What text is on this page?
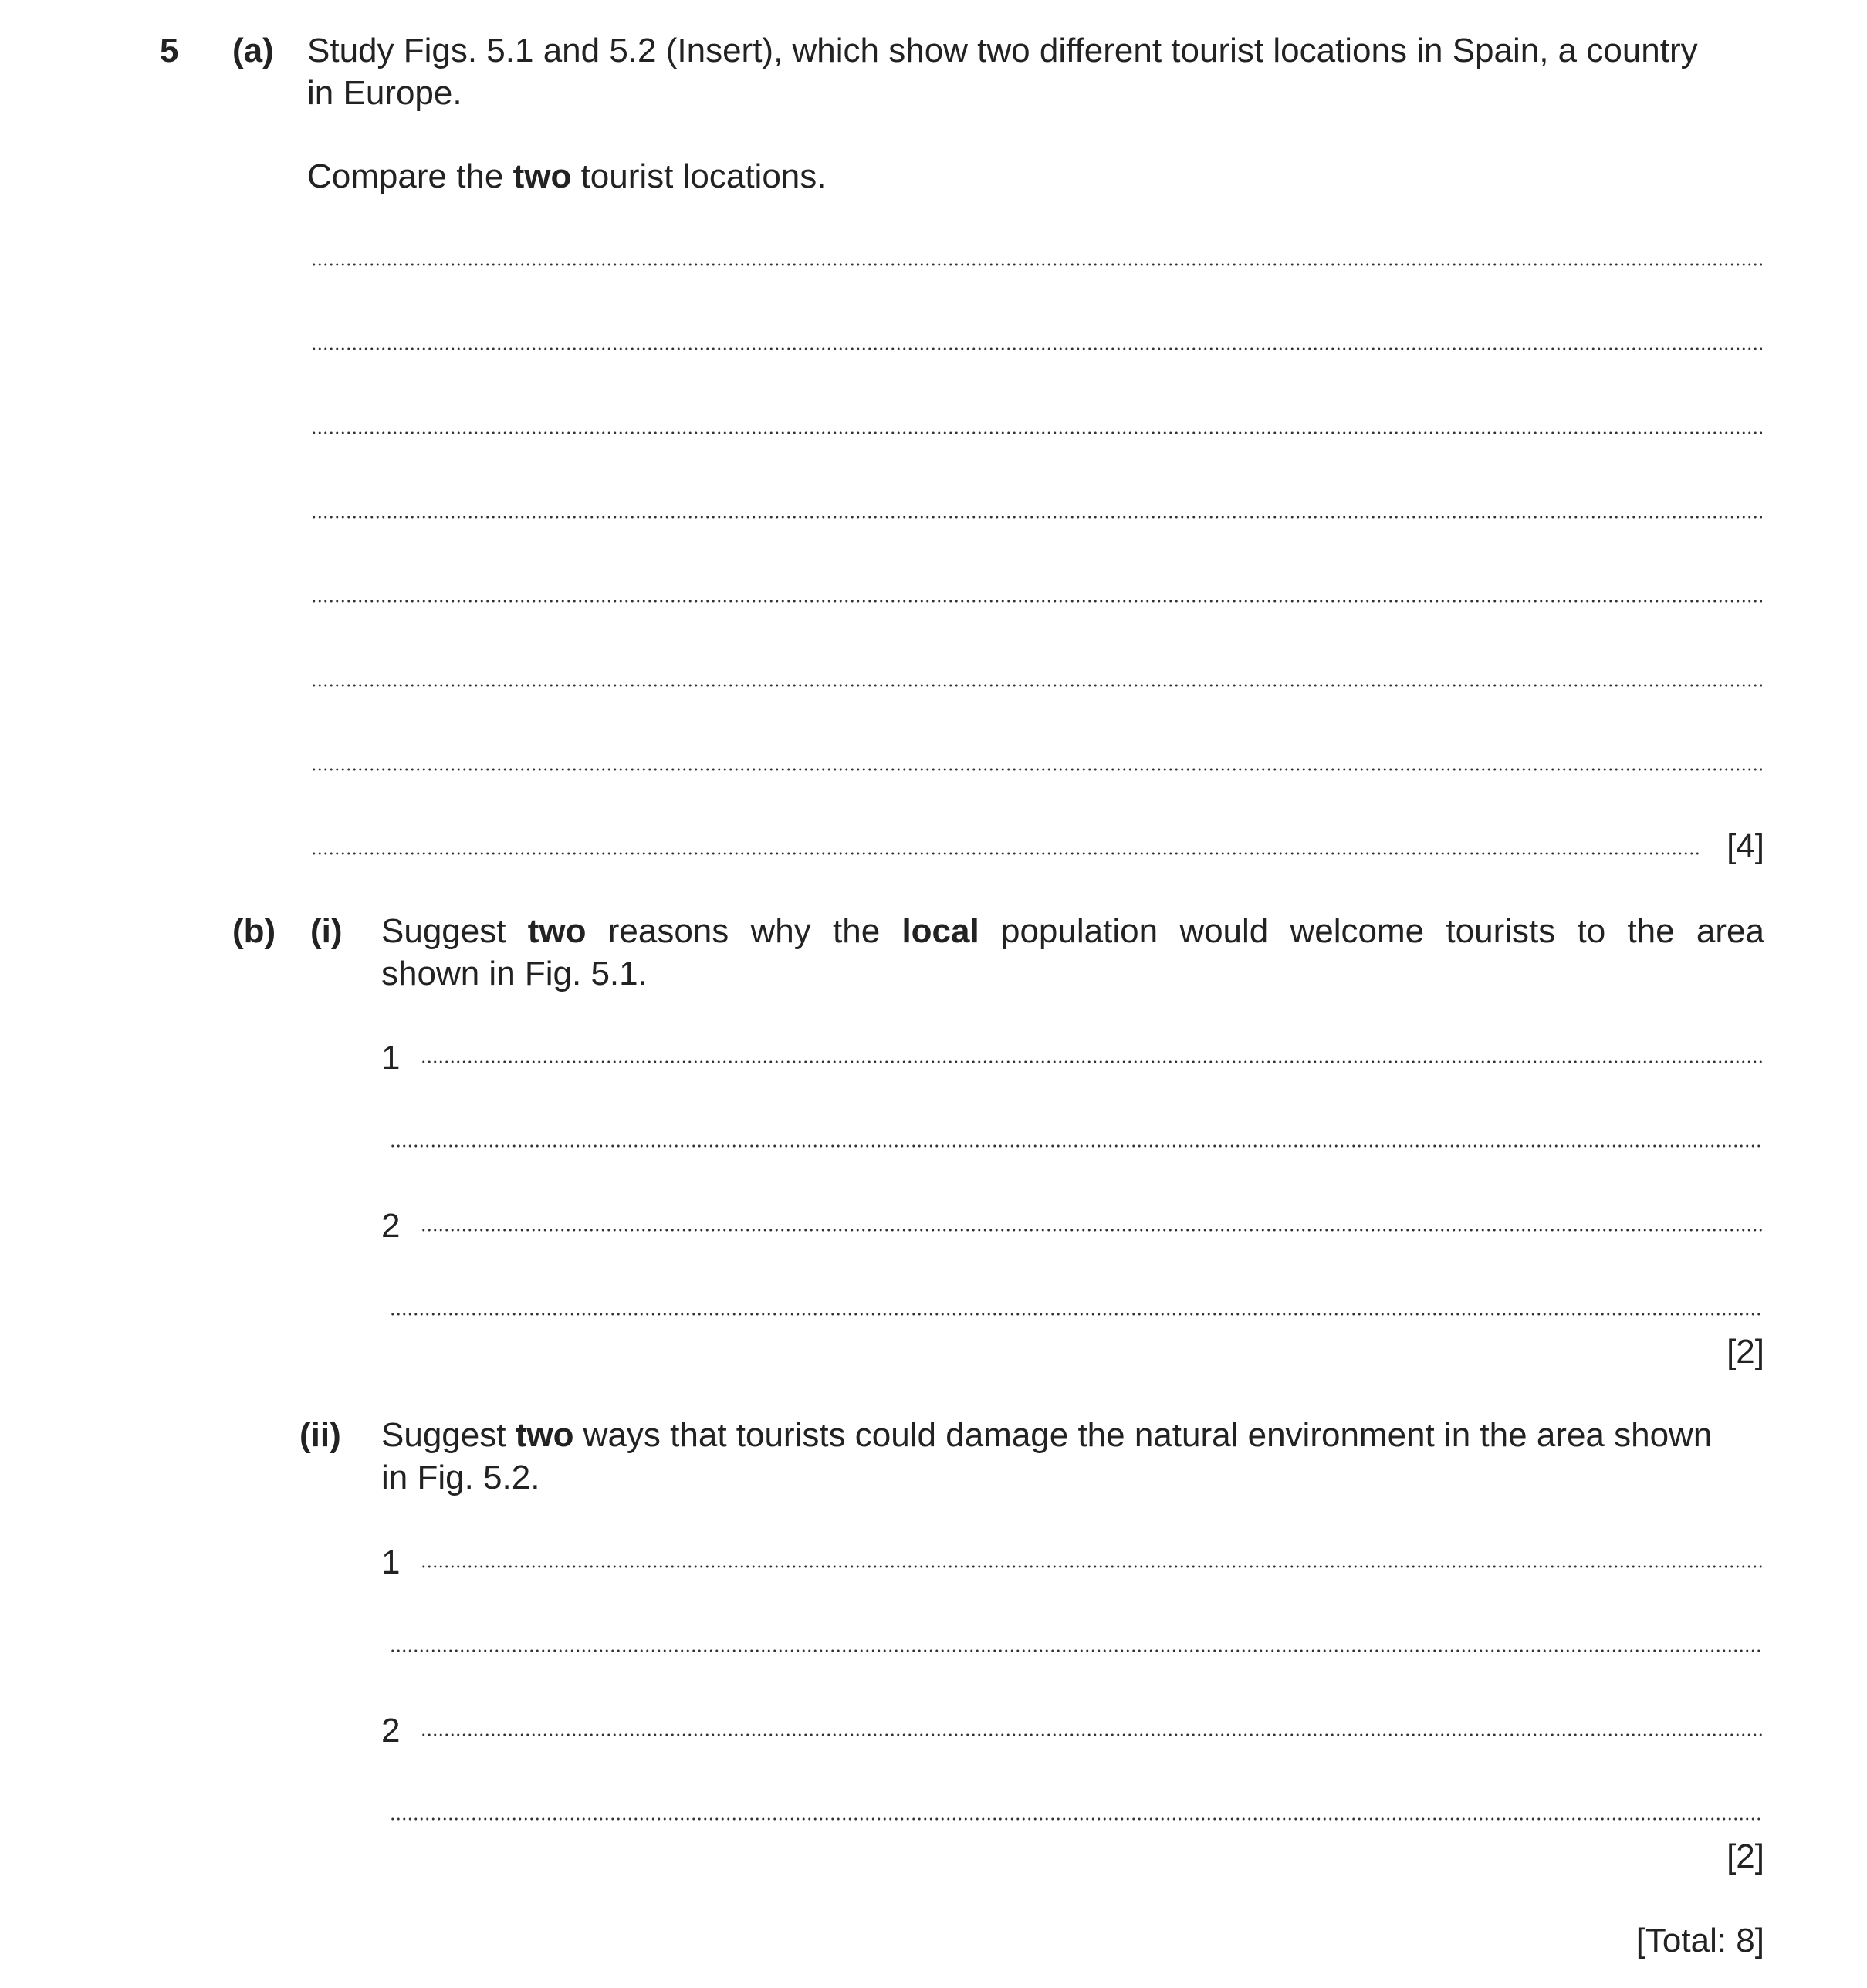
5 (a) Study Figs. 5.1 and 5.2 (Insert), which show two different tourist locations in Spain, a country
in Europe.
Compare the two tourist locations.
[4]
(b) (i) Suggest two reasons why the local population would welcome tourists to the area
shown in Fig. 5.1.
1
2
[2]
(ii) Suggest two ways that tourists could damage the natural environment in the area shown
in Fig. 5.2.
1
2
[2]
[Total: 8]
